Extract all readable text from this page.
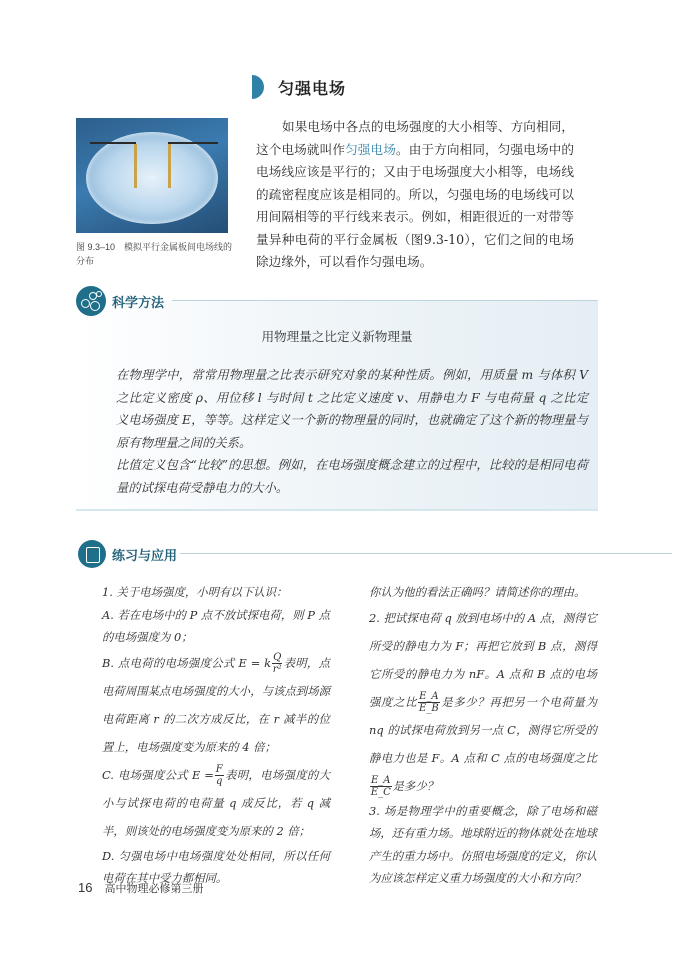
匀强电场
图 9.3–10　模拟平行金属板间电场线的分布
如果电场中各点的电场强度的大小相等、方向相同，这个电场就叫作匀强电场。由于方向相同，匀强电场中的电场线应该是平行的；又由于电场强度大小相等，电场线的疏密程度应该是相同的。所以，匀强电场的电场线可以用间隔相等的平行线来表示。例如，相距很近的一对带等量异种电荷的平行金属板（图9.3-10），它们之间的电场除边缘外，可以看作匀强电场。
科学方法
用物理量之比定义新物理量
在物理学中，常常用物理量之比表示研究对象的某种性质。例如，用质量 m 与体积 V 之比定义密度 ρ、用位移 l 与时间 t 之比定义速度 v、用静电力 F 与电荷量 q 之比定义电场强度 E，等等。这样定义一个新的物理量的同时，也就确定了这个新的物理量与原有物理量之间的关系。
比值定义包含“比较”的思想。例如，在电场强度概念建立的过程中，比较的是相同电荷量的试探电荷受静电力的大小。
练习与应用

1. 关于电场强度，小明有以下认识：

A. 若在电场中的 P 点不放试探电荷，则 P 点的电场强度为 0；

B. 点电荷的电场强度公式 E = k $\frac{Q}{\text{r²}}$ 表明，点电荷周围某点电场强度的大小，与该点到场源电荷距离 r 的二次方成反比，在 r 减半的位置上，电场强度变为原来的 4 倍；

C. 电场强度公式 $E = \frac{F}{q}$ 表明，电场强度的大小与试探电荷的电荷量 q 成反比，若 q 减半，则该处的电场强度变为原来的 2 倍；

D. 匀强电场中电场强度处处相同，所以任何电荷在其中受力都相同。

你认为他的看法正确吗？请简述你的理由。

2. 把试探电荷 q 放到电场中的 A 点，测得它所受的静电力为 F；再把它放到 B 点，测得它所受的静电力为 nF。A 点和 B 点的电场强度之比 $\frac{E\_A}{E\_B}$ 是多少？再把另一个电荷量为 nq 的试探电荷放到另一点 C，测得它所受的静电力也是 F。A 点和 C 点的电场强度之比
$\frac{E\_A}{E\_C}$ 是多少？

3. 场是物理学中的重要概念，除了电场和磁场，还有重力场。地球附近的物体就处在地球产生的重力场中。仿照电场强度的定义，你认为应该怎样定义重力场强度的大小和方向？

16 高中物理必修第三册
